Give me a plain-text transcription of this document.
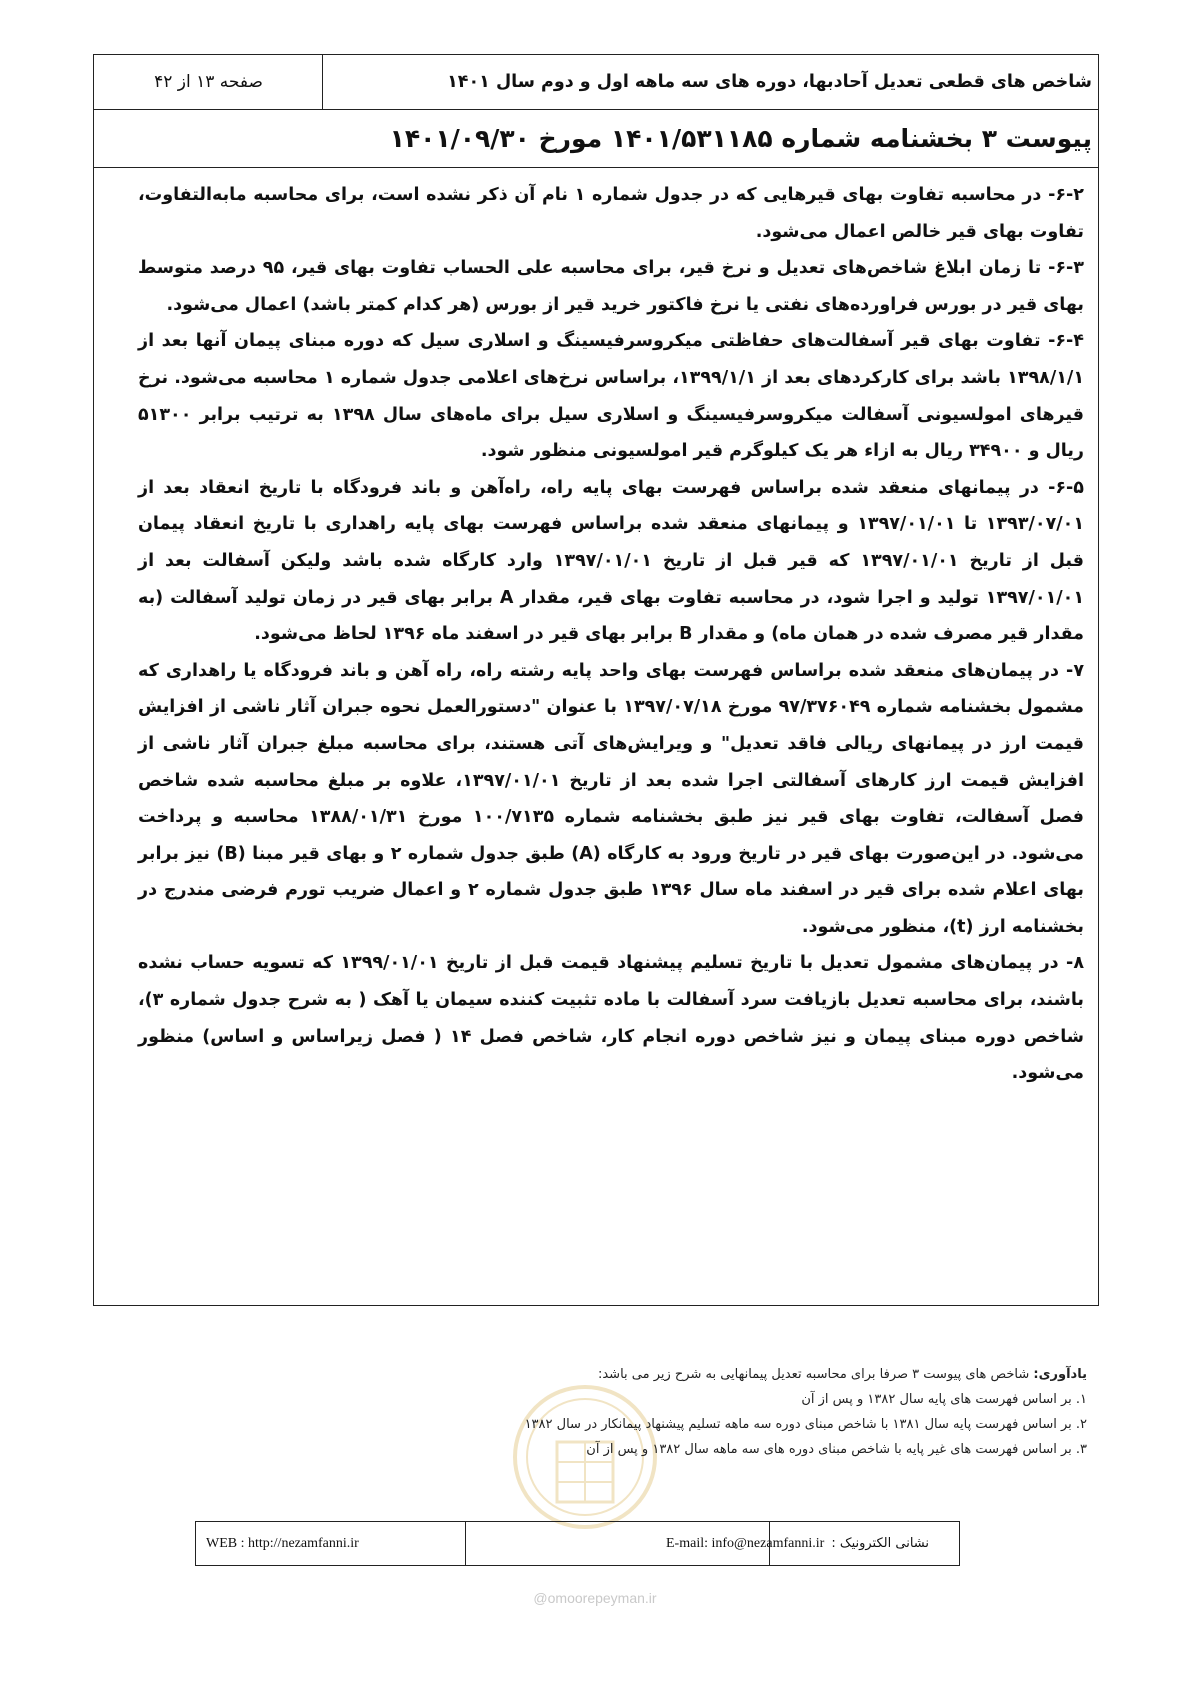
شاخص های قطعی تعدیل آحادبها، دوره های سه ماهه اول و دوم سال ۱۴۰۱
صفحه ۱۳ از ۴۲
پیوست ۳ بخشنامه شماره ۱۴۰۱/۵۳۱۱۸۵ مورخ ۱۴۰۱/۰۹/۳۰

۶-۲- در محاسبه تفاوت بهای قیرهایی که در جدول شماره ۱ نام آن ذکر نشده است، برای محاسبه مابه‌التفاوت، تفاوت بهای قیر خالص اعمال می‌شود.

۶-۳- تا زمان ابلاغ شاخص‌های تعدیل و نرخ قیر، برای محاسبه علی الحساب تفاوت بهای قیر، ۹۵ درصد متوسط بهای قیر در بورس فراورده‌های نفتی یا نرخ فاکتور خرید قیر از بورس (هر کدام کمتر باشد) اعمال می‌شود.

۶-۴- تفاوت بهای قیر آسفالت‌های حفاظتی میکروسرفیسینگ و اسلاری سیل که دوره مبنای پیمان آنها بعد از ۱۳۹۸/۱/۱ باشد برای کارکردهای بعد از ۱۳۹۹/۱/۱، براساس نرخ‌های اعلامی جدول شماره ۱ محاسبه می‌شود. نرخ قیرهای امولسیونی آسفالت میکروسرفیسینگ و اسلاری سیل برای ماه‌های سال ۱۳۹۸ به ترتیب برابر ۵۱۳۰۰ ریال و ۳۴۹۰۰ ریال به ازاء هر یک کیلوگرم قیر امولسیونی منظور شود.

۶-۵- در پیمانهای منعقد شده براساس فهرست بهای پایه راه، راه‌آهن و باند فرودگاه با تاریخ انعقاد بعد از ۱۳۹۳/۰۷/۰۱ تا ۱۳۹۷/۰۱/۰۱ و پیمانهای منعقد شده براساس فهرست بهای پایه راهداری با تاریخ انعقاد پیمان قبل از تاریخ ۱۳۹۷/۰۱/۰۱ که قیر قبل از تاریخ ۱۳۹۷/۰۱/۰۱ وارد کارگاه شده باشد ولیکن آسفالت بعد از ۱۳۹۷/۰۱/۰۱ تولید و اجرا شود، در محاسبه تفاوت بهای قیر، مقدار A برابر بهای قیر در زمان تولید آسفالت (به مقدار قیر مصرف شده در همان ماه) و مقدار B برابر بهای قیر در اسفند ماه ۱۳۹۶ لحاظ می‌شود.

۷- در پیمان‌های منعقد شده براساس فهرست بهای واحد پایه رشته راه، راه آهن و باند فرودگاه یا راهداری که مشمول بخشنامه شماره ۹۷/۳۷۶۰۴۹ مورخ ۱۳۹۷/۰۷/۱۸ با عنوان "دستورالعمل نحوه جبران آثار ناشی از افزایش قیمت ارز در پیمانهای ریالی فاقد تعدیل" و ویرایش‌های آتی هستند، برای محاسبه مبلغ جبران آثار ناشی از افزایش قیمت ارز کارهای آسفالتی اجرا شده بعد از تاریخ ۱۳۹۷/۰۱/۰۱، علاوه بر مبلغ محاسبه شده شاخص فصل آسفالت، تفاوت بهای قیر نیز طبق بخشنامه شماره ۱۰۰/۷۱۳۵ مورخ ۱۳۸۸/۰۱/۳۱ محاسبه و پرداخت می‌شود. در این‌صورت بهای قیر در تاریخ ورود به کارگاه (A) طبق جدول شماره ۲ و بهای قیر مبنا (B) نیز برابر بهای اعلام شده برای قیر در اسفند ماه سال ۱۳۹۶ طبق جدول شماره ۲ و اعمال ضریب تورم فرضی مندرج در بخشنامه ارز (t)، منظور می‌شود.

۸- در پیمان‌های مشمول تعدیل با تاریخ تسلیم پیشنهاد قیمت قبل از تاریخ ۱۳۹۹/۰۱/۰۱ که تسویه حساب نشده باشند، برای محاسبه تعدیل بازیافت سرد آسفالت با ماده تثبیت کننده سیمان یا آهک ( به شرح جدول شماره ۳)، شاخص دوره مبنای پیمان و نیز شاخص دوره انجام کار، شاخص فصل ۱۴ ( فصل زیراساس و اساس) منظور می‌شود.

یادآوری: شاخص های پیوست ۳ صرفا برای محاسبه تعدیل پیمانهایی به شرح زیر می باشد:

۱. بر اساس فهرست های پایه سال ۱۳۸۲ و پس از آن

۲. بر اساس فهرست پایه سال ۱۳۸۱ با شاخص مبنای دوره سه ماهه تسلیم پیشنهاد پیمانکار در سال ۱۳۸۲

۳. بر اساس فهرست های غیر پایه با شاخص مبنای دوره های سه ماهه سال ۱۳۸۲ و پس از آن

WEB : http://nezamfanni.ir	E-mail: info@nezamfanni.ir نشانی الکترونیک :
@omoorepeyman.ir
